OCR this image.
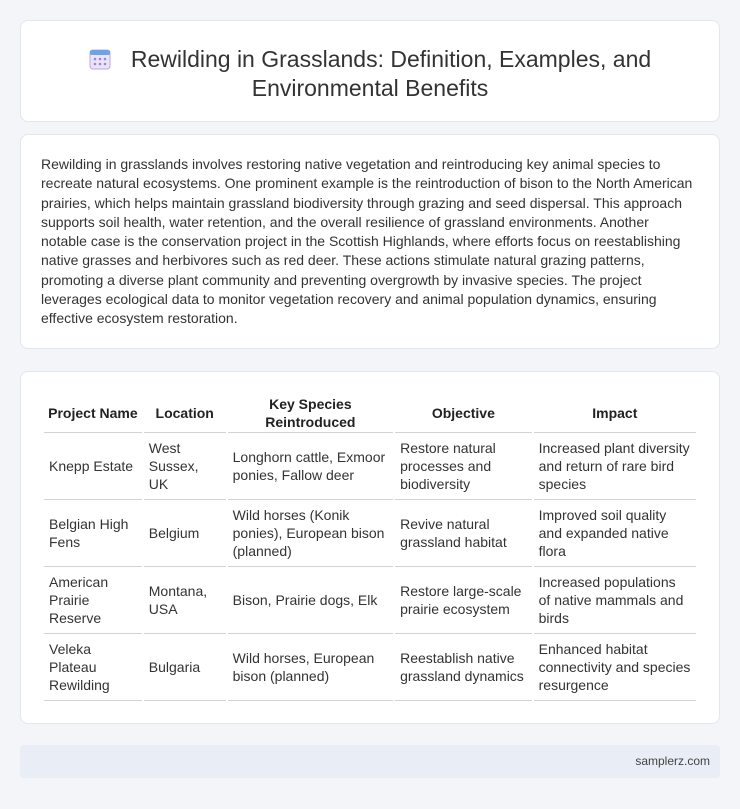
Rewilding in Grasslands: Definition, Examples, and
Environmental Benefits

Rewilding in grasslands involves restoring native vegetation and reintroducing key animal species to recreate natural ecosystems. One prominent example is the reintroduction of bison to the North American prairies, which helps maintain grassland biodiversity through grazing and seed dispersal. This approach supports soil health, water retention, and the overall resilience of grassland environments. Another notable case is the conservation project in the Scottish Highlands, where efforts focus on reestablishing native grasses and herbivores such as red deer. These actions stimulate natural grazing patterns, promoting a diverse plant community and preventing overgrowth by invasive species. The project leverages ecological data to monitor vegetation recovery and animal population dynamics, ensuring effective ecosystem restoration.

Project Name	Location	Key Species Reintroduced	Objective	Impact
Knepp Estate	West Sussex, UK	Longhorn cattle, Exmoor ponies, Fallow deer	Restore natural processes and biodiversity	Increased plant diversity and return of rare bird species
Belgian High Fens	Belgium	Wild horses (Konik ponies), European bison (planned)	Revive natural grassland habitat	Improved soil quality and expanded native flora
American Prairie Reserve	Montana, USA	Bison, Prairie dogs, Elk	Restore large-scale prairie ecosystem	Increased populations of native mammals and birds
Veleka Plateau Rewilding	Bulgaria	Wild horses, European bison (planned)	Reestablish native grassland dynamics	Enhanced habitat connectivity and species resurgence
samplerz.com
